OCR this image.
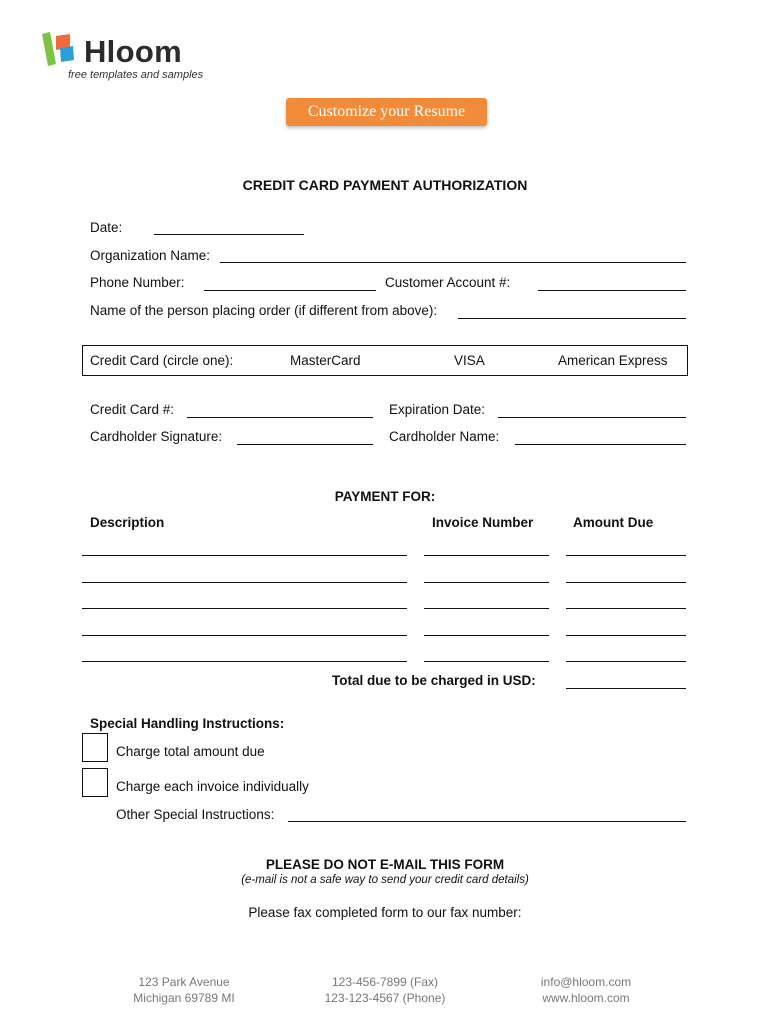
Hloom
free templates and samples
Customize your Resume
CREDIT CARD PAYMENT AUTHORIZATION
Date:
Organization Name:
Phone Number:	Customer Account #:
Name of the person placing order (if different from above):
Credit Card (circle one):	MasterCard	VISA	American Express
Credit Card #:	Expiration Date:
Cardholder Signature:	Cardholder Name:
PAYMENT FOR:
Description	Invoice Number	Amount Due
Total due to be charged in USD:
Special Handling Instructions:
Charge total amount due
Charge each invoice individually
Other Special Instructions:
PLEASE DO NOT E-MAIL THIS FORM
(e-mail is not a safe way to send your credit card details)
Please fax completed form to our fax number:
123 Park Avenue
Michigan 69789 MI
123-456-7899 (Fax)
123-123-4567 (Phone)
info@hloom.com
www.hloom.com
